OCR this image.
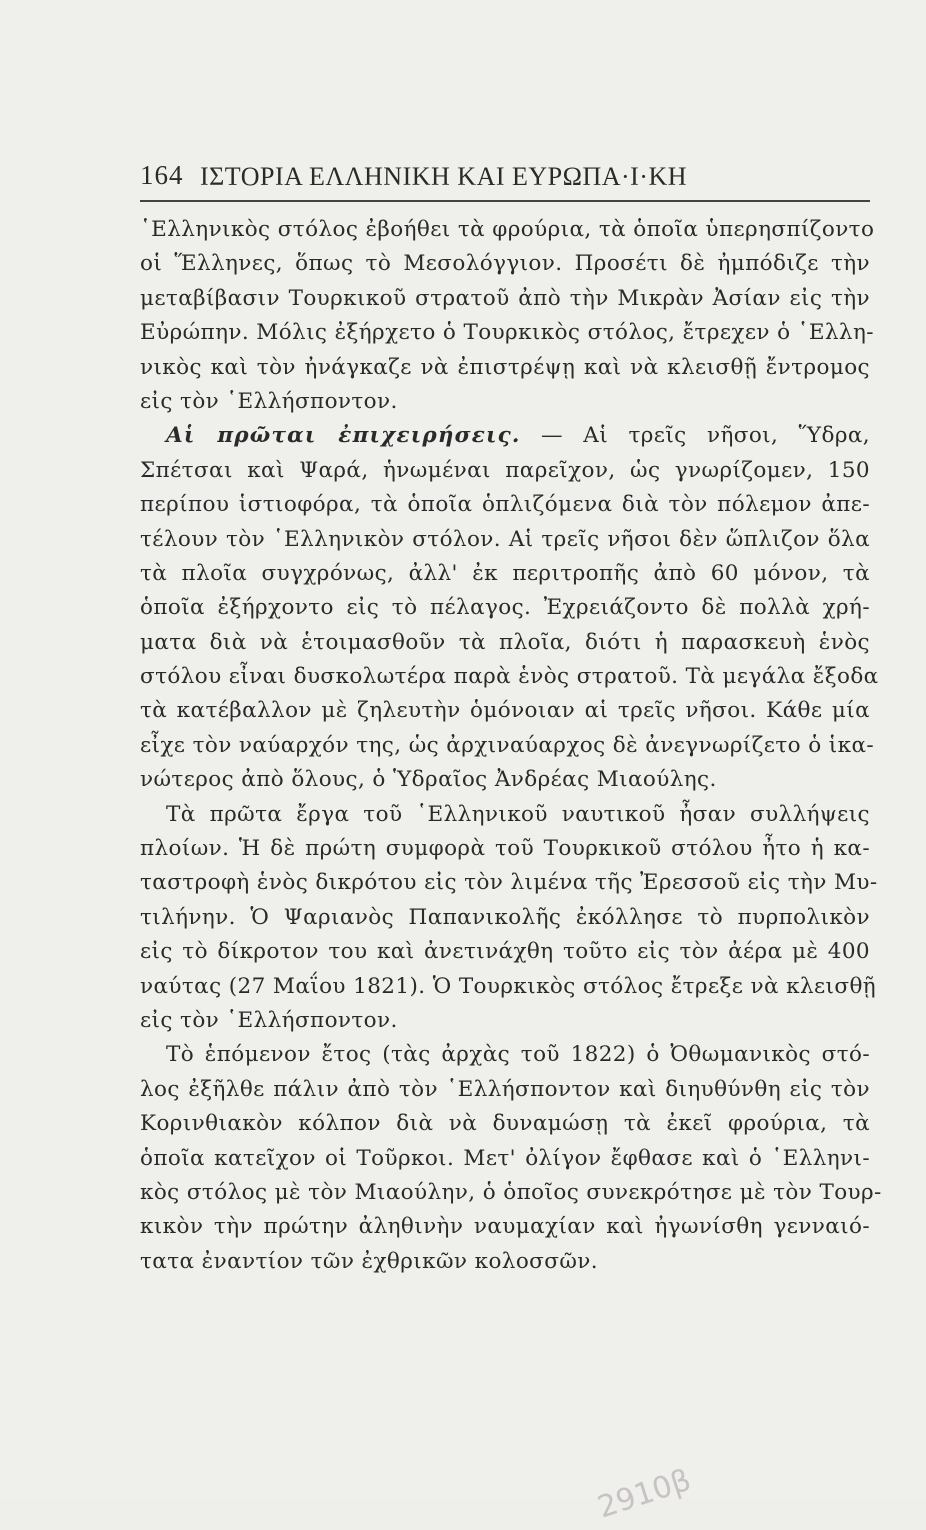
164 ΙΣΤΟΡΙΑ ΕΛΛΗΝΙΚΗ ΚΑΙ ΕΥΡΩΠΑ·Ι·ΚΗ
῾Ελληνικὸς στόλος ἐβοήθει τὰ φρούρια, τὰ ὁποῖα ὑπερησπίζοντο
οἱ Ἕλληνες, ὅπως τὸ Μεσολόγγιον. Προσέτι δὲ ἠμπόδιζε τὴν
μεταβίβασιν Τουρκικοῦ στρατοῦ ἀπὸ τὴν Μικρὰν Ἀσίαν εἰς τὴν
Εὐρώπην. Μόλις ἐξήρχετο ὁ Τουρκικὸς στόλος, ἔτρεχεν ὁ ῾Ελλη-
νικὸς καὶ τὸν ἠνάγκαζε νὰ ἐπιστρέψῃ καὶ νὰ κλεισθῇ ἔντρομος
εἰς τὸν ῾Ελλήσποντον.
Αἱ πρῶται ἐπιχειρήσεις. — Αἱ τρεῖς νῆσοι, Ὕδρα,
Σπέτσαι καὶ Ψαρά, ἡνωμέναι παρεῖχον, ὡς γνωρίζομεν, 150
περίπου ἱστιοφόρα, τὰ ὁποῖα ὁπλιζόμενα διὰ τὸν πόλεμον ἀπε-
τέλουν τὸν ῾Ελληνικὸν στόλον. Αἱ τρεῖς νῆσοι δὲν ὥπλιζον ὅλα
τὰ πλοῖα συγχρόνως, ἀλλ' ἐκ περιτροπῆς ἀπὸ 60 μόνον, τὰ
ὁποῖα ἐξήρχοντο εἰς τὸ πέλαγος. Ἐχρειάζοντο δὲ πολλὰ χρή-
ματα διὰ νὰ ἑτοιμασθοῦν τὰ πλοῖα, διότι ἡ παρασκευὴ ἑνὸς
στόλου εἶναι δυσκολωτέρα παρὰ ἑνὸς στρατοῦ. Τὰ μεγάλα ἔξοδα
τὰ κατέβαλλον μὲ ζηλευτὴν ὁμόνοιαν αἱ τρεῖς νῆσοι. Κάθε μία
εἶχε τὸν ναύαρχόν της, ὡς ἀρχιναύαρχος δὲ ἀνεγνωρίζετο ὁ ἱκα-
νώτερος ἀπὸ ὅλους, ὁ Ὑδραῖος Ἀνδρέας Μιαούλης.
Τὰ πρῶτα ἔργα τοῦ ῾Ελληνικοῦ ναυτικοῦ ἦσαν συλλήψεις
πλοίων. Ἡ δὲ πρώτη συμφορὰ τοῦ Τουρκικοῦ στόλου ἦτο ἡ κα-
ταστροφὴ ἑνὸς δικρότου εἰς τὸν λιμένα τῆς Ἐρεσσοῦ εἰς τὴν Μυ-
τιλήνην. Ὁ Ψαριανὸς Παπανικολῆς ἐκόλλησε τὸ πυρπολικὸν
εἰς τὸ δίκροτον του καὶ ἀνετινάχθη τοῦτο εἰς τὸν ἀέρα μὲ 400
ναύτας (27 Μαΐου 1821). Ὁ Τουρκικὸς στόλος ἔτρεξε νὰ κλεισθῇ
εἰς τὸν ῾Ελλήσποντον.
Τὸ ἑπόμενον ἔτος (τὰς ἀρχὰς τοῦ 1822) ὁ Ὀθωμανικὸς στό-
λος ἐξῆλθε πάλιν ἀπὸ τὸν ῾Ελλήσποντον καὶ διηυθύνθη εἰς τὸν
Κορινθιακὸν κόλπον διὰ νὰ δυναμώσῃ τὰ ἐκεῖ φρούρια, τὰ
ὁποῖα κατεῖχον οἱ Τοῦρκοι. Μετ' ὀλίγον ἔφθασε καὶ ὁ ῾Ελληνι-
κὸς στόλος μὲ τὸν Μιαούλην, ὁ ὁποῖος συνεκρότησε μὲ τὸν Τουρ-
κικὸν τὴν πρώτην ἀληθινὴν ναυμαχίαν καὶ ἠγωνίσθη γενναιό-
τατα ἐναντίον τῶν ἐχθρικῶν κολοσσῶν.
2910β
